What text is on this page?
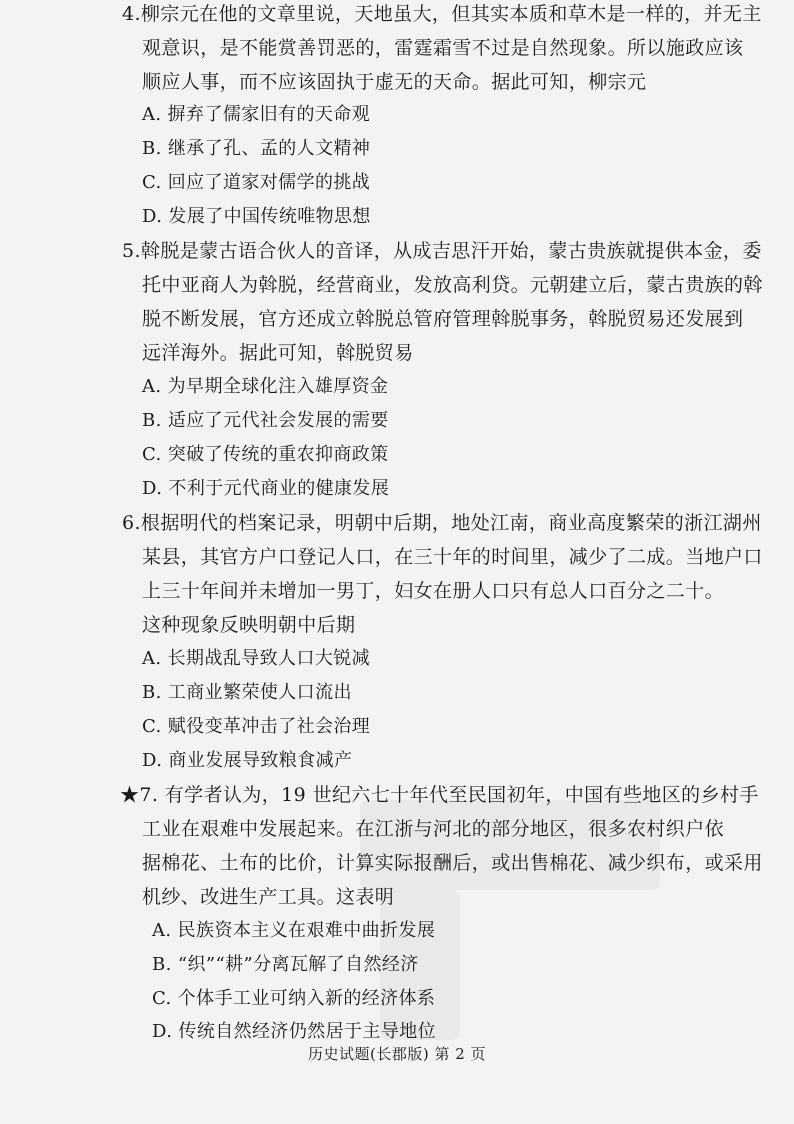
4.柳宗元在他的文章里说，天地虽大，但其实本质和草木是一样的，并无主
观意识，是不能赏善罚恶的，雷霆霜雪不过是自然现象。所以施政应该
顺应人事，而不应该固执于虚无的天命。据此可知，柳宗元
A. 摒弃了儒家旧有的天命观
B. 继承了孔、孟的人文精神
C. 回应了道家对儒学的挑战
D. 发展了中国传统唯物思想
5.斡脱是蒙古语合伙人的音译，从成吉思汗开始，蒙古贵族就提供本金，委
托中亚商人为斡脱，经营商业，发放高利贷。元朝建立后，蒙古贵族的斡
脱不断发展，官方还成立斡脱总管府管理斡脱事务，斡脱贸易还发展到
远洋海外。据此可知，斡脱贸易
A. 为早期全球化注入雄厚资金
B. 适应了元代社会发展的需要
C. 突破了传统的重农抑商政策
D. 不利于元代商业的健康发展
6.根据明代的档案记录，明朝中后期，地处江南，商业高度繁荣的浙江湖州
某县，其官方户口登记人口，在三十年的时间里，减少了二成。当地户口
上三十年间并未增加一男丁，妇女在册人口只有总人口百分之二十。
这种现象反映明朝中后期
A. 长期战乱导致人口大锐减
B. 工商业繁荣使人口流出
C. 赋役变革冲击了社会治理
D. 商业发展导致粮食减产
★7. 有学者认为，19 世纪六七十年代至民国初年，中国有些地区的乡村手
工业在艰难中发展起来。在江浙与河北的部分地区，很多农村织户依
据棉花、土布的比价，计算实际报酬后，或出售棉花、减少织布，或采用
机纱、改进生产工具。这表明
A. 民族资本主义在艰难中曲折发展
B. “织”“耕”分离瓦解了自然经济
C. 个体手工业可纳入新的经济体系
D. 传统自然经济仍然居于主导地位
历史试题(长郡版) 第 2 页
